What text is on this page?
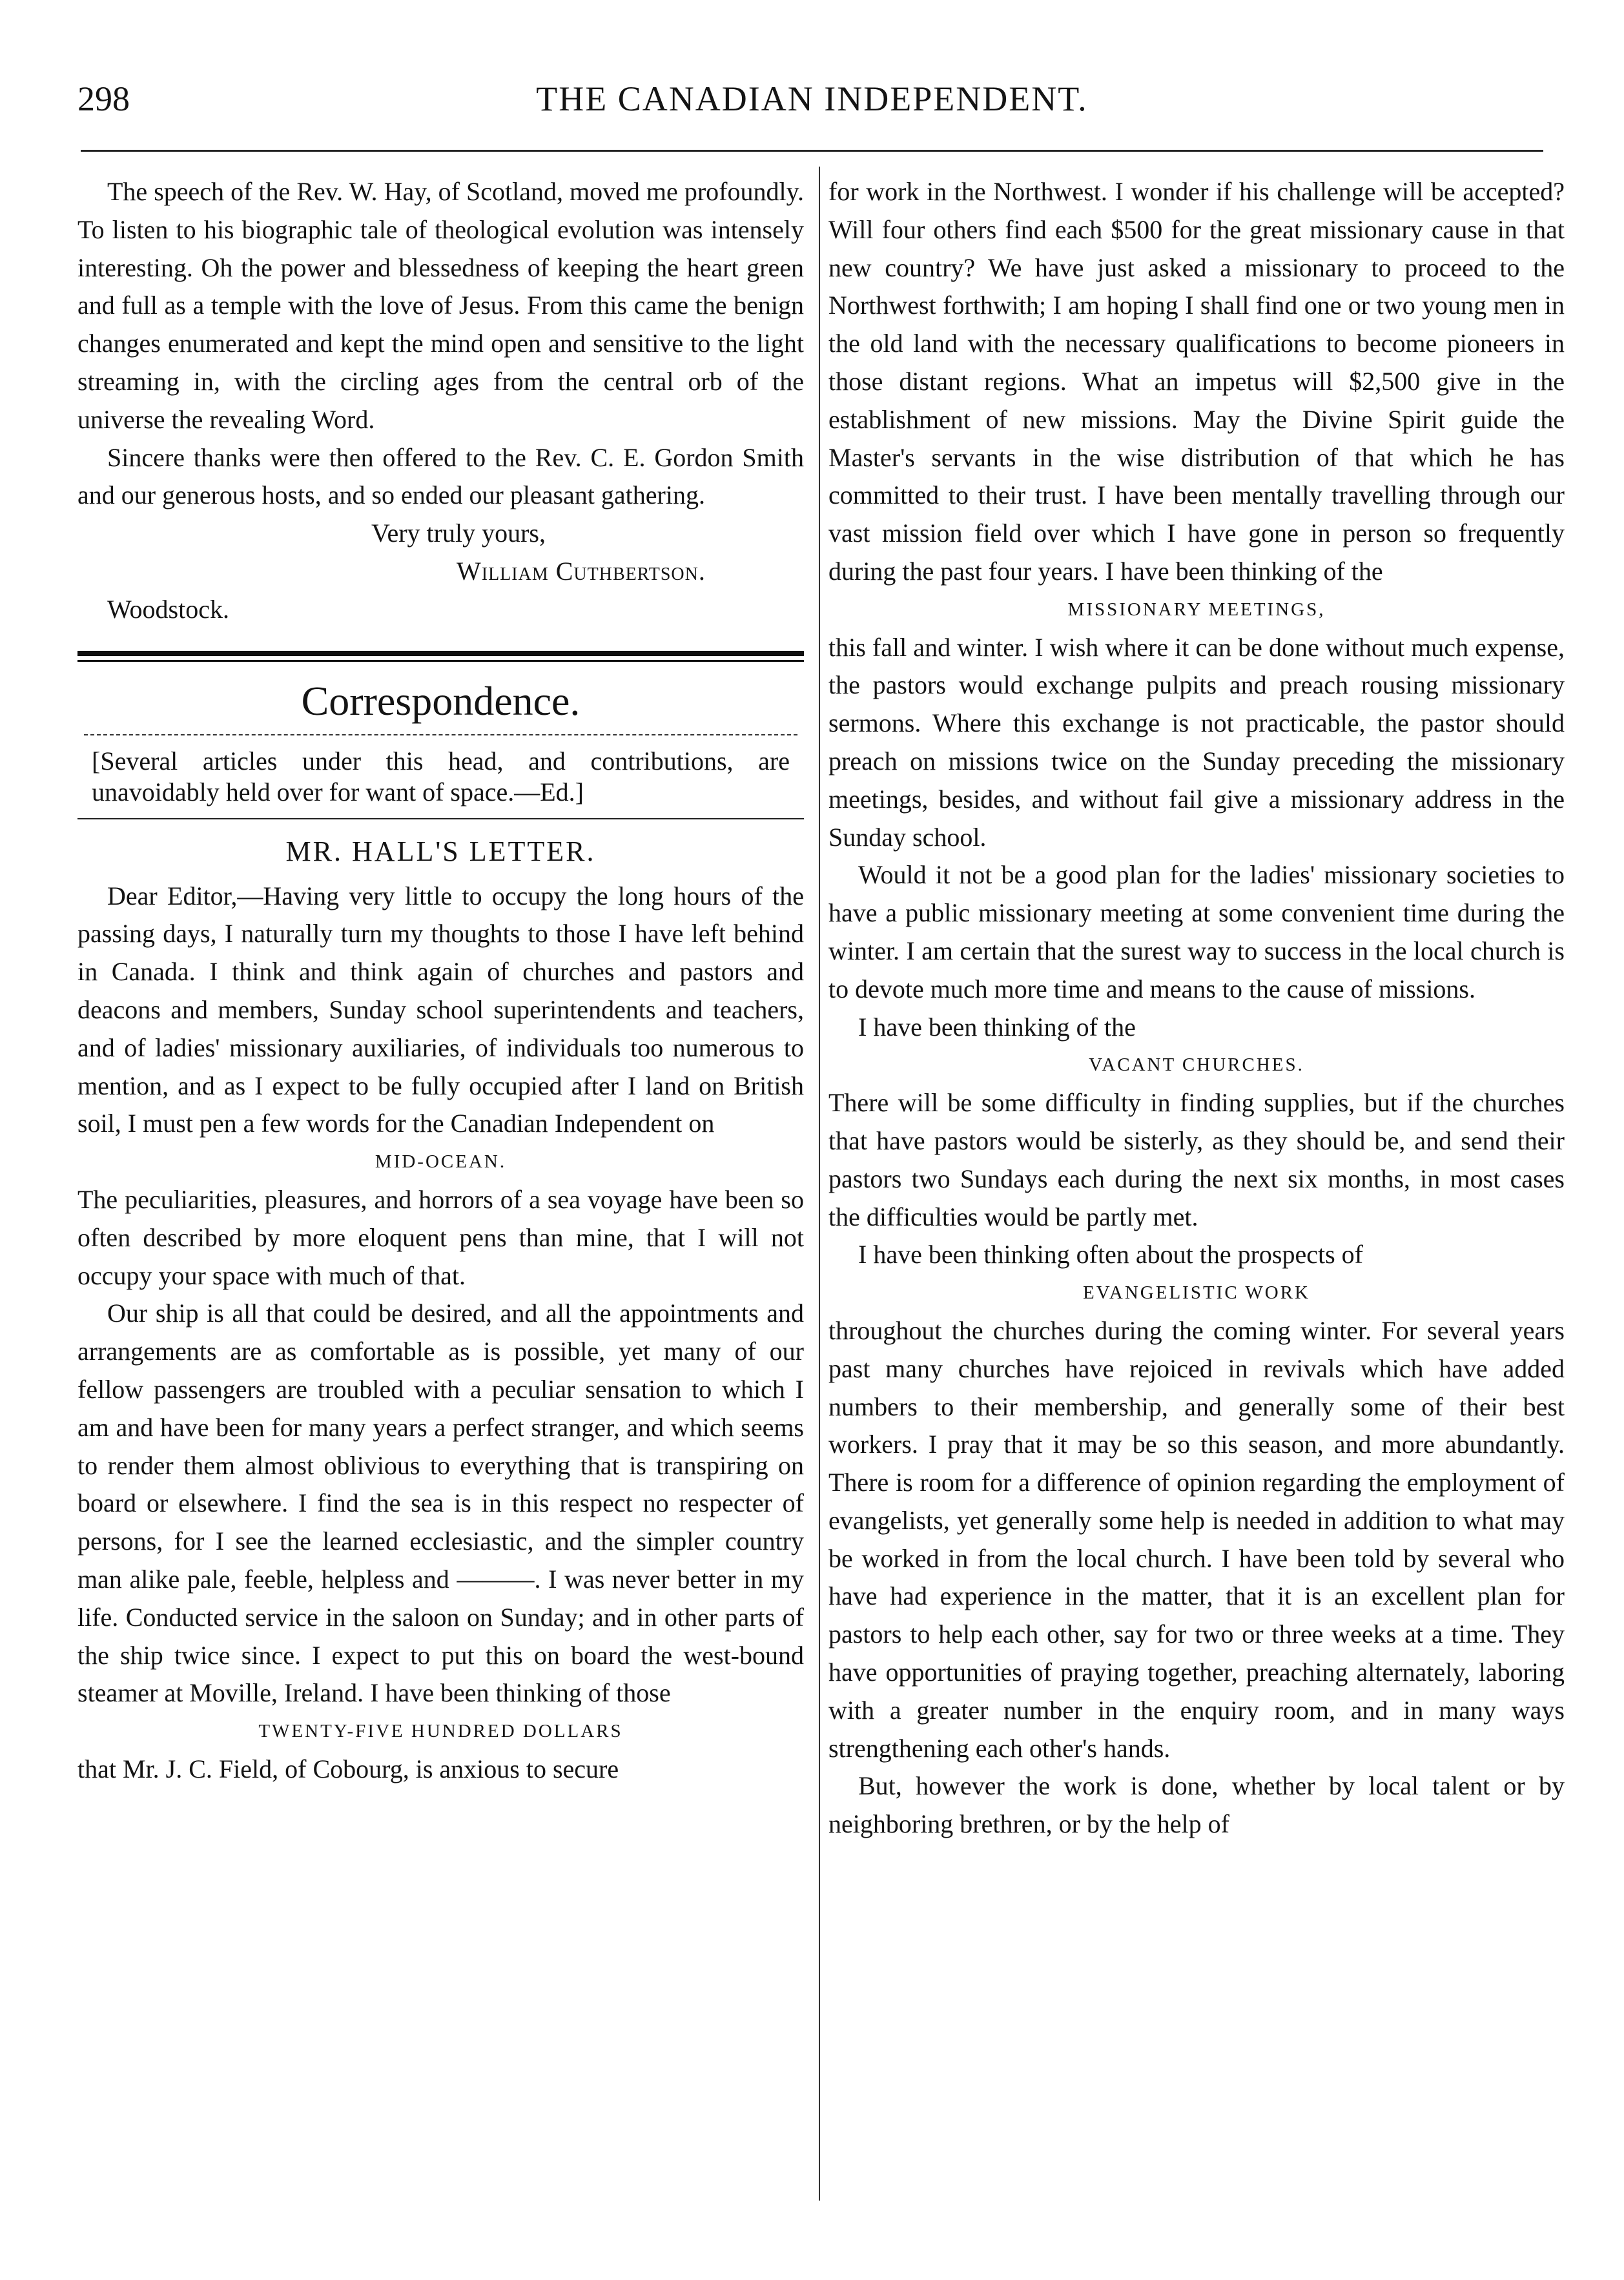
298	THE CANADIAN INDEPENDENT.

The speech of the Rev. W. Hay, of Scotland, moved me profoundly. To listen to his biographic tale of theological evolution was intensely interesting. Oh the power and blessedness of keeping the heart green and full as a temple with the love of Jesus. From this came the benign changes enumerated and kept the mind open and sensitive to the light streaming in, with the circling ages from the central orb of the universe the revealing Word.

Sincere thanks were then offered to the Rev. C. E. Gordon Smith and our generous hosts, and so ended our pleasant gathering.

Very truly yours,
William Cuthbertson.
Woodstock.
Correspondence.
[Several articles under this head, and contributions, are unavoidably held over for want of space.—Ed.]
MR. HALL'S LETTER.

Dear Editor,—Having very little to occupy the long hours of the passing days, I naturally turn my thoughts to those I have left behind in Canada. I think and think again of churches and pastors and deacons and members, Sunday school superintendents and teachers, and of ladies' missionary auxiliaries, of individuals too numerous to mention, and as I expect to be fully occupied after I land on British soil, I must pen a few words for the Canadian Independent on

MID-OCEAN.

The peculiarities, pleasures, and horrors of a sea voyage have been so often described by more eloquent pens than mine, that I will not occupy your space with much of that.

Our ship is all that could be desired, and all the appointments and arrangements are as comfortable as is possible, yet many of our fellow passengers are troubled with a peculiar sensation to which I am and have been for many years a perfect stranger, and which seems to render them almost oblivious to everything that is transpiring on board or elsewhere. I find the sea is in this respect no respecter of persons, for I see the learned ecclesiastic, and the simpler country man alike pale, feeble, helpless and ———. I was never better in my life. Conducted service in the saloon on Sunday; and in other parts of the ship twice since. I expect to put this on board the west-bound steamer at Moville, Ireland. I have been thinking of those

TWENTY-FIVE HUNDRED DOLLARS

that Mr. J. C. Field, of Cobourg, is anxious to secure

for work in the Northwest. I wonder if his challenge will be accepted? Will four others find each $500 for the great missionary cause in that new country? We have just asked a missionary to proceed to the Northwest forthwith; I am hoping I shall find one or two young men in the old land with the necessary qualifications to become pioneers in those distant regions. What an impetus will $2,500 give in the establishment of new missions. May the Divine Spirit guide the Master's servants in the wise distribution of that which he has committed to their trust. I have been mentally travelling through our vast mission field over which I have gone in person so frequently during the past four years. I have been thinking of the

MISSIONARY MEETINGS,

this fall and winter. I wish where it can be done without much expense, the pastors would exchange pulpits and preach rousing missionary sermons. Where this exchange is not practicable, the pastor should preach on missions twice on the Sunday preceding the missionary meetings, besides, and without fail give a missionary address in the Sunday school.

Would it not be a good plan for the ladies' missionary societies to have a public missionary meeting at some convenient time during the winter. I am certain that the surest way to success in the local church is to devote much more time and means to the cause of missions.

I have been thinking of the

VACANT CHURCHES.

There will be some difficulty in finding supplies, but if the churches that have pastors would be sisterly, as they should be, and send their pastors two Sundays each during the next six months, in most cases the difficulties would be partly met.

I have been thinking often about the prospects of

EVANGELISTIC WORK

throughout the churches during the coming winter. For several years past many churches have rejoiced in revivals which have added numbers to their membership, and generally some of their best workers. I pray that it may be so this season, and more abundantly. There is room for a difference of opinion regarding the employment of evangelists, yet generally some help is needed in addition to what may be worked in from the local church. I have been told by several who have had experience in the matter, that it is an excellent plan for pastors to help each other, say for two or three weeks at a time. They have opportunities of praying together, preaching alternately, laboring with a greater number in the enquiry room, and in many ways strengthening each other's hands.

But, however the work is done, whether by local talent or by neighboring brethren, or by the help of
